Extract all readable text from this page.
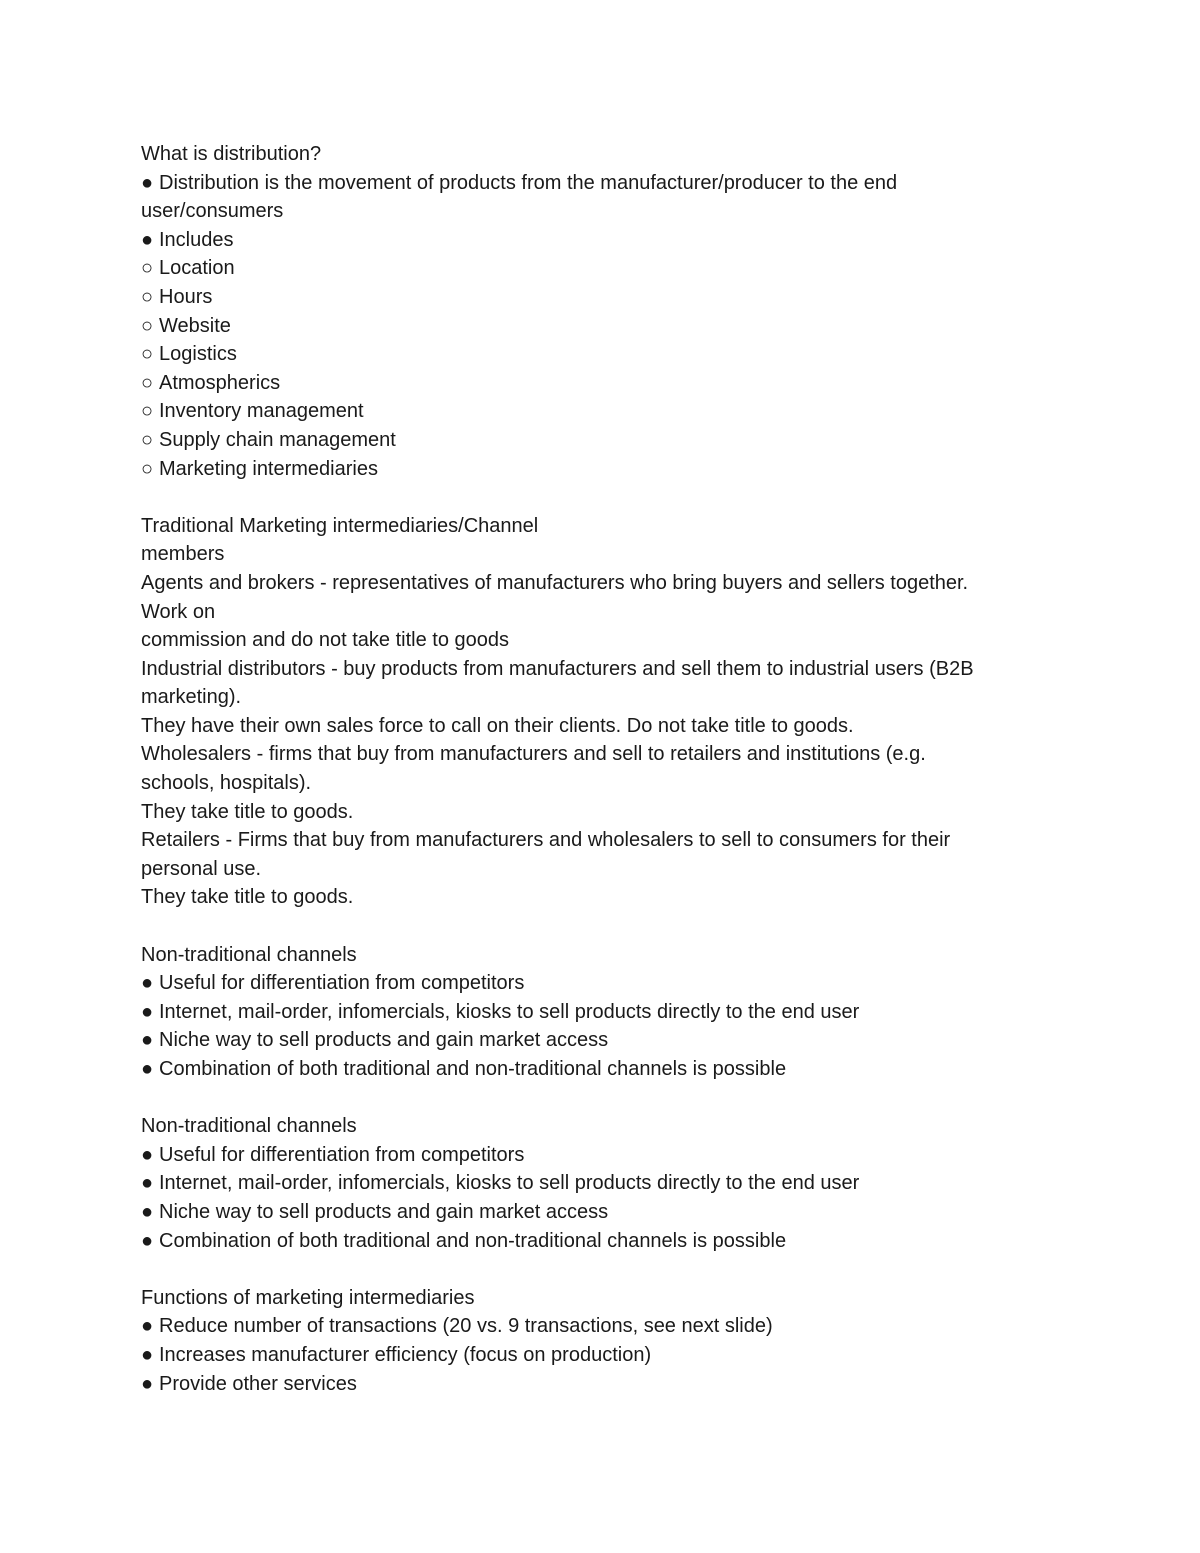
What is distribution?

● Distribution is the movement of products from the manufacturer/producer to the end

user/consumers

● Includes
○ Location
○ Hours
○ Website
○ Logistics
○ Atmospherics
○ Inventory management
○ Supply chain management
○ Marketing intermediaries

Traditional Marketing intermediaries/Channel

members

Agents and brokers - representatives of manufacturers who bring buyers and sellers together.

Work on

commission and do not take title to goods

Industrial distributors - buy products from manufacturers and sell them to industrial users (B2B

marketing).

They have their own sales force to call on their clients. Do not take title to goods.

Wholesalers - firms that buy from manufacturers and sell to retailers and institutions (e.g.

schools, hospitals).

They take title to goods.

Retailers - Firms that buy from manufacturers and wholesalers to sell to consumers for their

personal use.

They take title to goods.

Non-traditional channels

● Useful for differentiation from competitors
● Internet, mail-order, infomercials, kiosks to sell products directly to the end user
● Niche way to sell products and gain market access
● Combination of both traditional and non-traditional channels is possible

Non-traditional channels

● Useful for differentiation from competitors
● Internet, mail-order, infomercials, kiosks to sell products directly to the end user
● Niche way to sell products and gain market access
● Combination of both traditional and non-traditional channels is possible

Functions of marketing intermediaries

● Reduce number of transactions (20 vs. 9 transactions, see next slide)
● Increases manufacturer efficiency (focus on production)
● Provide other services
